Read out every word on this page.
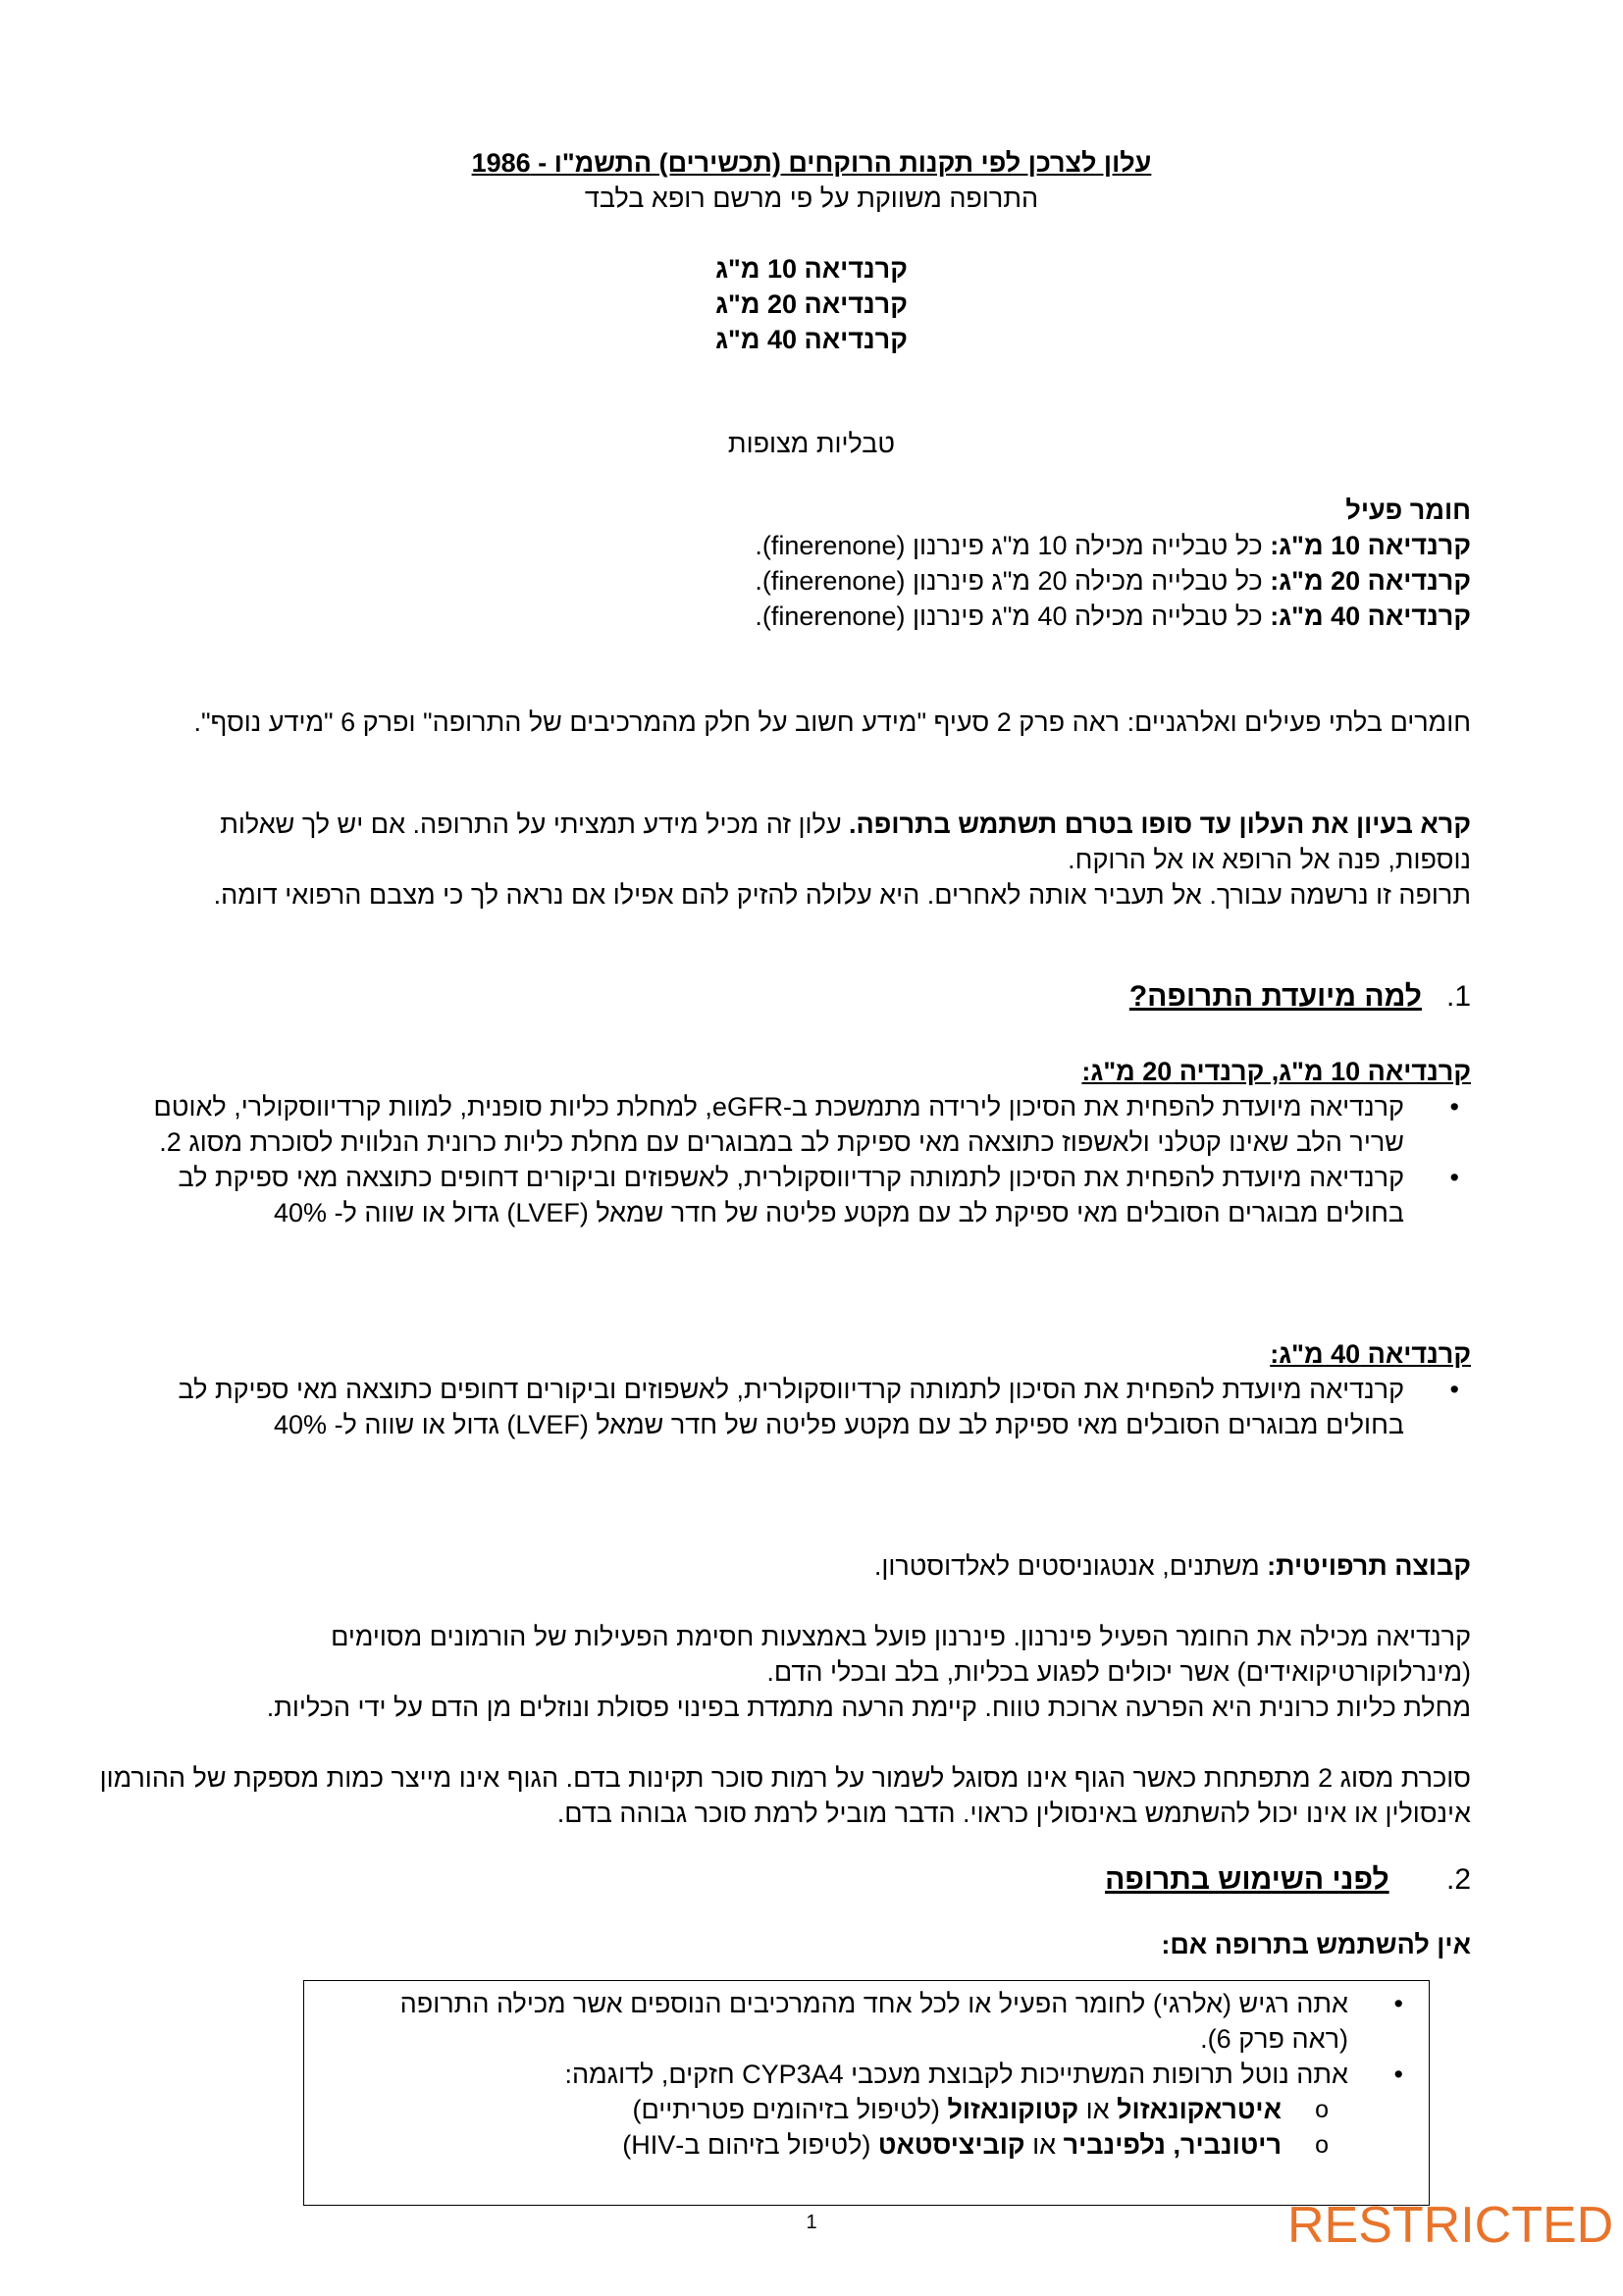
עלון לצרכן לפי תקנות הרוקחים (תכשירים) התשמ"ו - 1986

התרופה משווקת על פי מרשם רופא בלבד

קרנדיאה 10 מ"ג

קרנדיאה 20 מ"ג

קרנדיאה 40 מ"ג

טבליות מצופות

חומר פעיל

קרנדיאה 10 מ"ג: כל טבלייה מכילה 10 מ"ג פינרנון (finerenone).

קרנדיאה 20 מ"ג: כל טבלייה מכילה 20 מ"ג פינרנון (finerenone).

קרנדיאה 40 מ"ג: כל טבלייה מכילה 40 מ"ג פינרנון (finerenone).

חומרים בלתי פעילים ואלרגניים: ראה פרק 2 סעיף "מידע חשוב על חלק מהמרכיבים של התרופה" ופרק 6 "מידע נוסף".

קרא בעיון את העלון עד סופו בטרם תשתמש בתרופה. עלון זה מכיל מידע תמציתי על התרופה. אם יש לך שאלות נוספות, פנה אל הרופא או אל הרוקח.

תרופה זו נרשמה עבורך. אל תעביר אותה לאחרים. היא עלולה להזיק להם אפילו אם נראה לך כי מצבם הרפואי דומה.

1.   למה מיועדת התרופה?

קרנדיאה 10 מ"ג, קרנדיה 20 מ"ג:

• קרנדיאה מיועדת להפחית את הסיכון לירידה מתמשכת ב-eGFR, למחלת כליות סופנית, למוות קרדיווסקולרי, לאוטם שריר הלב שאינו קטלני ולאשפוז כתוצאה מאי ספיקת לב במבוגרים עם מחלת כליות כרונית הנלווית לסוכרת מסוג 2.
• קרנדיאה מיועדת להפחית את הסיכון לתמותה קרדיווסקולרית, לאשפוזים וביקורים דחופים כתוצאה מאי ספיקת לב בחולים מבוגרים הסובלים מאי ספיקת לב עם מקטע פליטה של חדר שמאל (LVEF) גדול או שווה ל- 40%

קרנדיאה 40 מ"ג:

• קרנדיאה מיועדת להפחית את הסיכון לתמותה קרדיווסקולרית, לאשפוזים וביקורים דחופים כתוצאה מאי ספיקת לב בחולים מבוגרים הסובלים מאי ספיקת לב עם מקטע פליטה של חדר שמאל (LVEF) גדול או שווה ל- 40%

קבוצה תרפויטית: משתנים, אנטגוניסטים לאלדוסטרון.

קרנדיאה מכילה את החומר הפעיל פינרנון. פינרנון פועל באמצעות חסימת הפעילות של הורמונים מסוימים (מינרלוקורטיקואידים) אשר יכולים לפגוע בכליות, בלב ובכלי הדם.

מחלת כליות כרונית היא הפרעה ארוכת טווח. קיימת הרעה מתמדת בפינוי פסולת ונוזלים מן הדם על ידי הכליות.

סוכרת מסוג 2 מתפתחת כאשר הגוף אינו מסוגל לשמור על רמות סוכר תקינות בדם. הגוף אינו מייצר כמות מספקת של ההורמון אינסולין או אינו יכול להשתמש באינסולין כראוי. הדבר מוביל לרמת סוכר גבוהה בדם.

2.       לפני השימוש בתרופה

אין להשתמש בתרופה אם:

• אתה רגיש (אלרגי) לחומר הפעיל או לכל אחד מהמרכיבים הנוספים אשר מכילה התרופה (ראה פרק 6).
• אתה נוטל תרופות המשתייכות לקבוצת מעכבי CYP3A4 חזקים, לדוגמה:
o איטראקונאזול או קטוקונאזול (לטיפול בזיהומים פטריתיים)
o ריטונביר, נלפינביר או קוביציסטאט (לטיפול בזיהום ב-HIV)
1	RESTRICTED
